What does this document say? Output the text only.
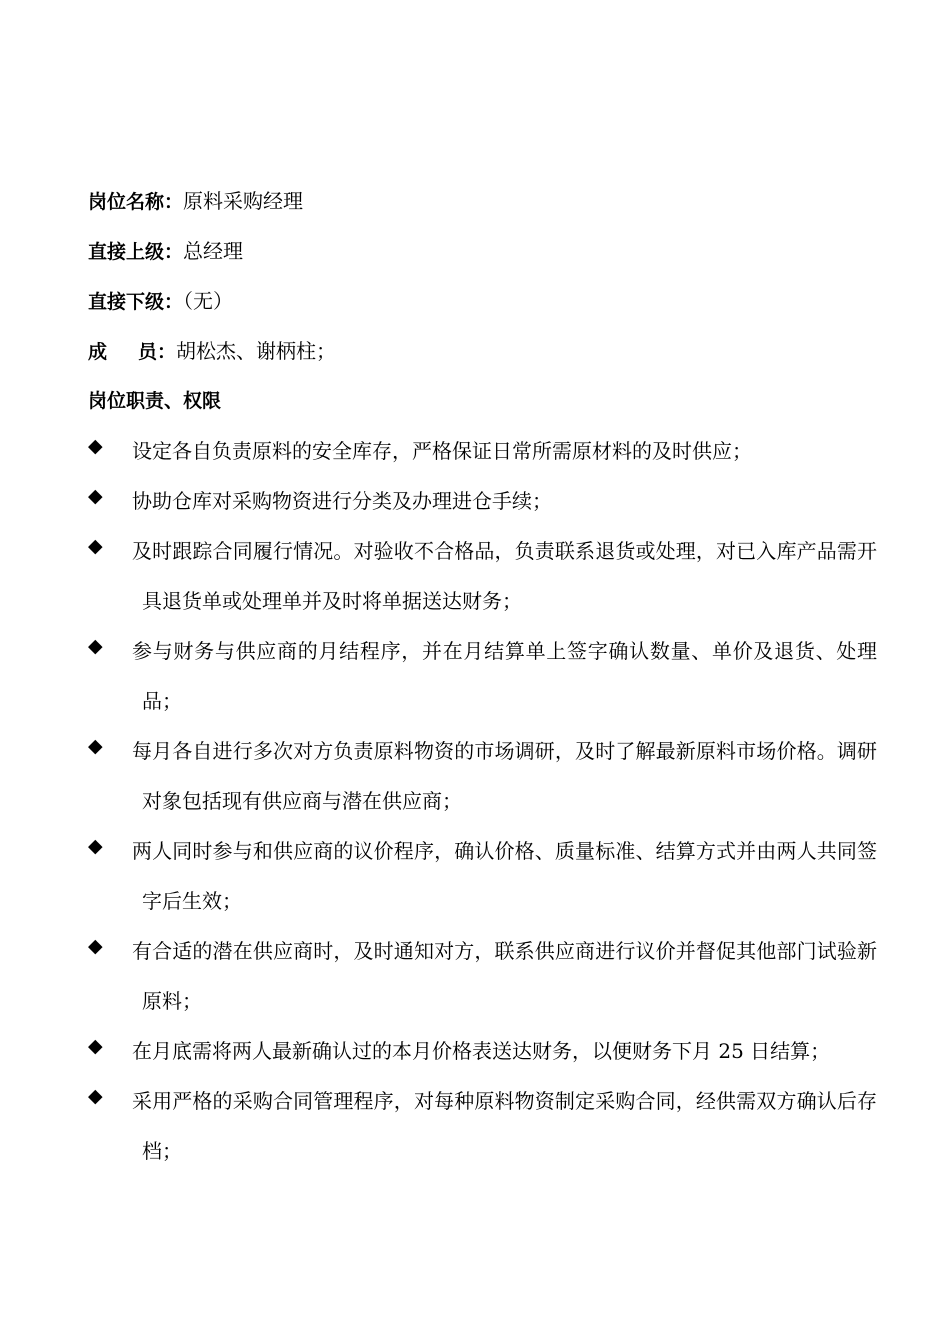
岗位名称：原料采购经理
直接上级：总经理
直接下级：（无）
成 员： 胡松杰、谢柄柱；
岗位职责、权限
◆ 设定各自负责原料的安全库存，严格保证日常所需原材料的及时供应；
◆ 协助仓库对采购物资进行分类及办理进仓手续；
◆ 及时跟踪合同履行情况。对验收不合格品，负责联系退货或处理，对已入库产品需开具退货单或处理单并及时将单据送达财务；
◆ 参与财务与供应商的月结程序，并在月结算单上签字确认数量、单价及退货、处理品；
◆ 每月各自进行多次对方负责原料物资的市场调研，及时了解最新原料市场价格。调研对象包括现有供应商与潜在供应商；
◆ 两人同时参与和供应商的议价程序，确认价格、质量标准、结算方式并由两人共同签字后生效；
◆ 有合适的潜在供应商时，及时通知对方，联系供应商进行议价并督促其他部门试验新原料；
◆ 在月底需将两人最新确认过的本月价格表送达财务，以便财务下月 25 日结算；
◆ 采用严格的采购合同管理程序，对每种原料物资制定采购合同，经供需双方确认后存档；
